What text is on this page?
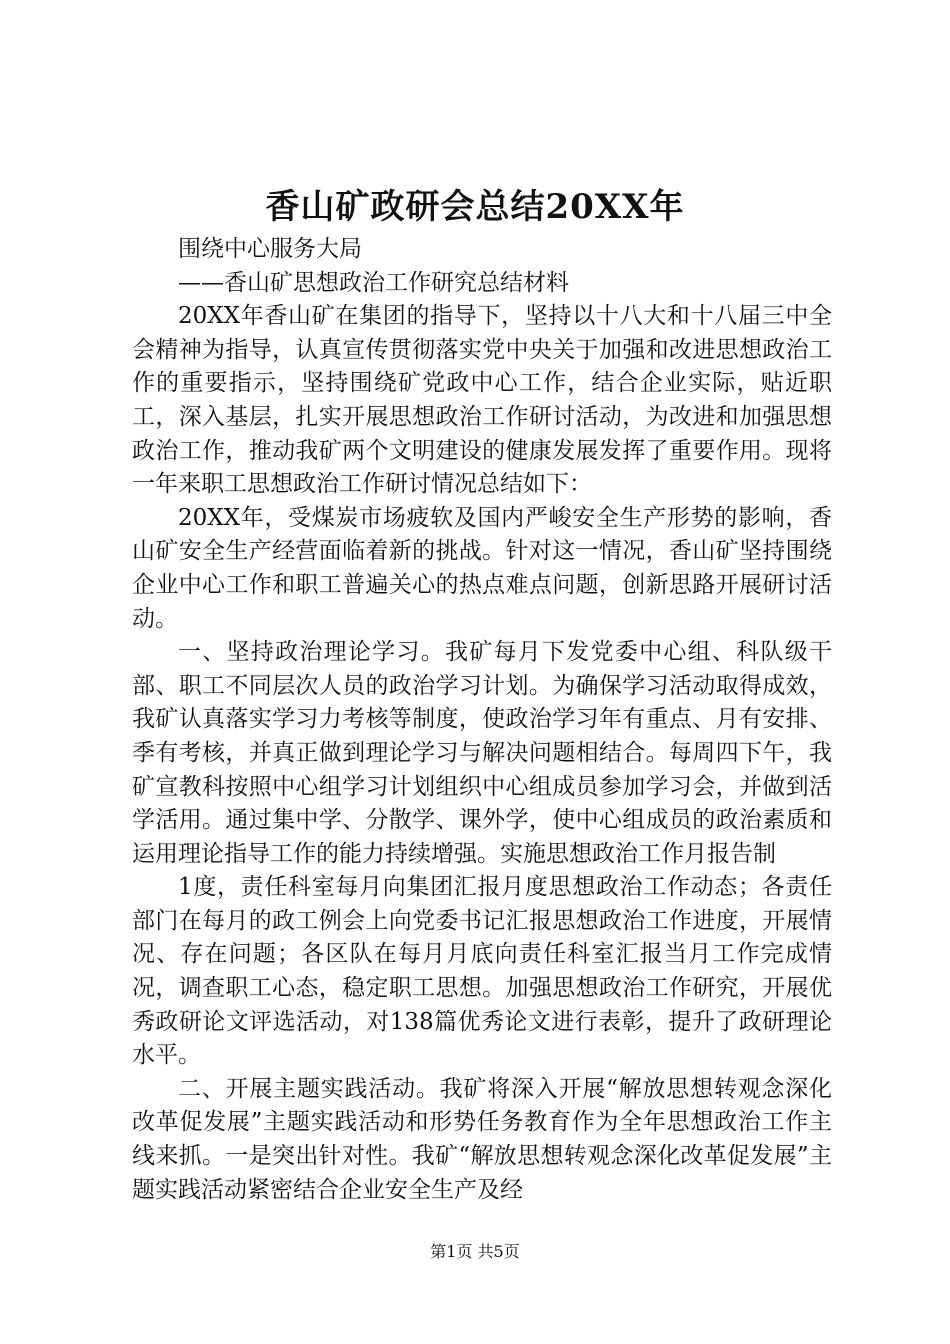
香山矿政研会总结20XX年

围绕中心服务大局

——香山矿思想政治工作研究总结材料

20XX年香山矿在集团的指导下，坚持以十八大和十八届三中全会精神为指导，认真宣传贯彻落实党中央关于加强和改进思想政治工作的重要指示，坚持围绕矿党政中心工作，结合企业实际，贴近职工，深入基层，扎实开展思想政治工作研讨活动，为改进和加强思想政治工作，推动我矿两个文明建设的健康发展发挥了重要作用。现将一年来职工思想政治工作研讨情况总结如下：

20XX年，受煤炭市场疲软及国内严峻安全生产形势的影响，香山矿安全生产经营面临着新的挑战。针对这一情况，香山矿坚持围绕企业中心工作和职工普遍关心的热点难点问题，创新思路开展研讨活动。

一、坚持政治理论学习。我矿每月下发党委中心组、科队级干部、职工不同层次人员的政治学习计划。为确保学习活动取得成效，我矿认真落实学习力考核等制度，使政治学习年有重点、月有安排、季有考核，并真正做到理论学习与解决问题相结合。每周四下午，我矿宣教科按照中心组学习计划组织中心组成员参加学习会，并做到活学活用。通过集中学、分散学、课外学，使中心组成员的政治素质和运用理论指导工作的能力持续增强。实施思想政治工作月报告制

1度，责任科室每月向集团汇报月度思想政治工作动态；各责任部门在每月的政工例会上向党委书记汇报思想政治工作进度，开展情况、存在问题；各区队在每月月底向责任科室汇报当月工作完成情况，调查职工心态，稳定职工思想。加强思想政治工作研究，开展优秀政研论文评选活动，对138篇优秀论文进行表彰，提升了政研理论水平。

二、开展主题实践活动。我矿将深入开展“解放思想转观念深化改革促发展”主题实践活动和形势任务教育作为全年思想政治工作主线来抓。一是突出针对性。我矿“解放思想转观念深化改革促发展”主题实践活动紧密结合企业安全生产及经

第1页 共5页
